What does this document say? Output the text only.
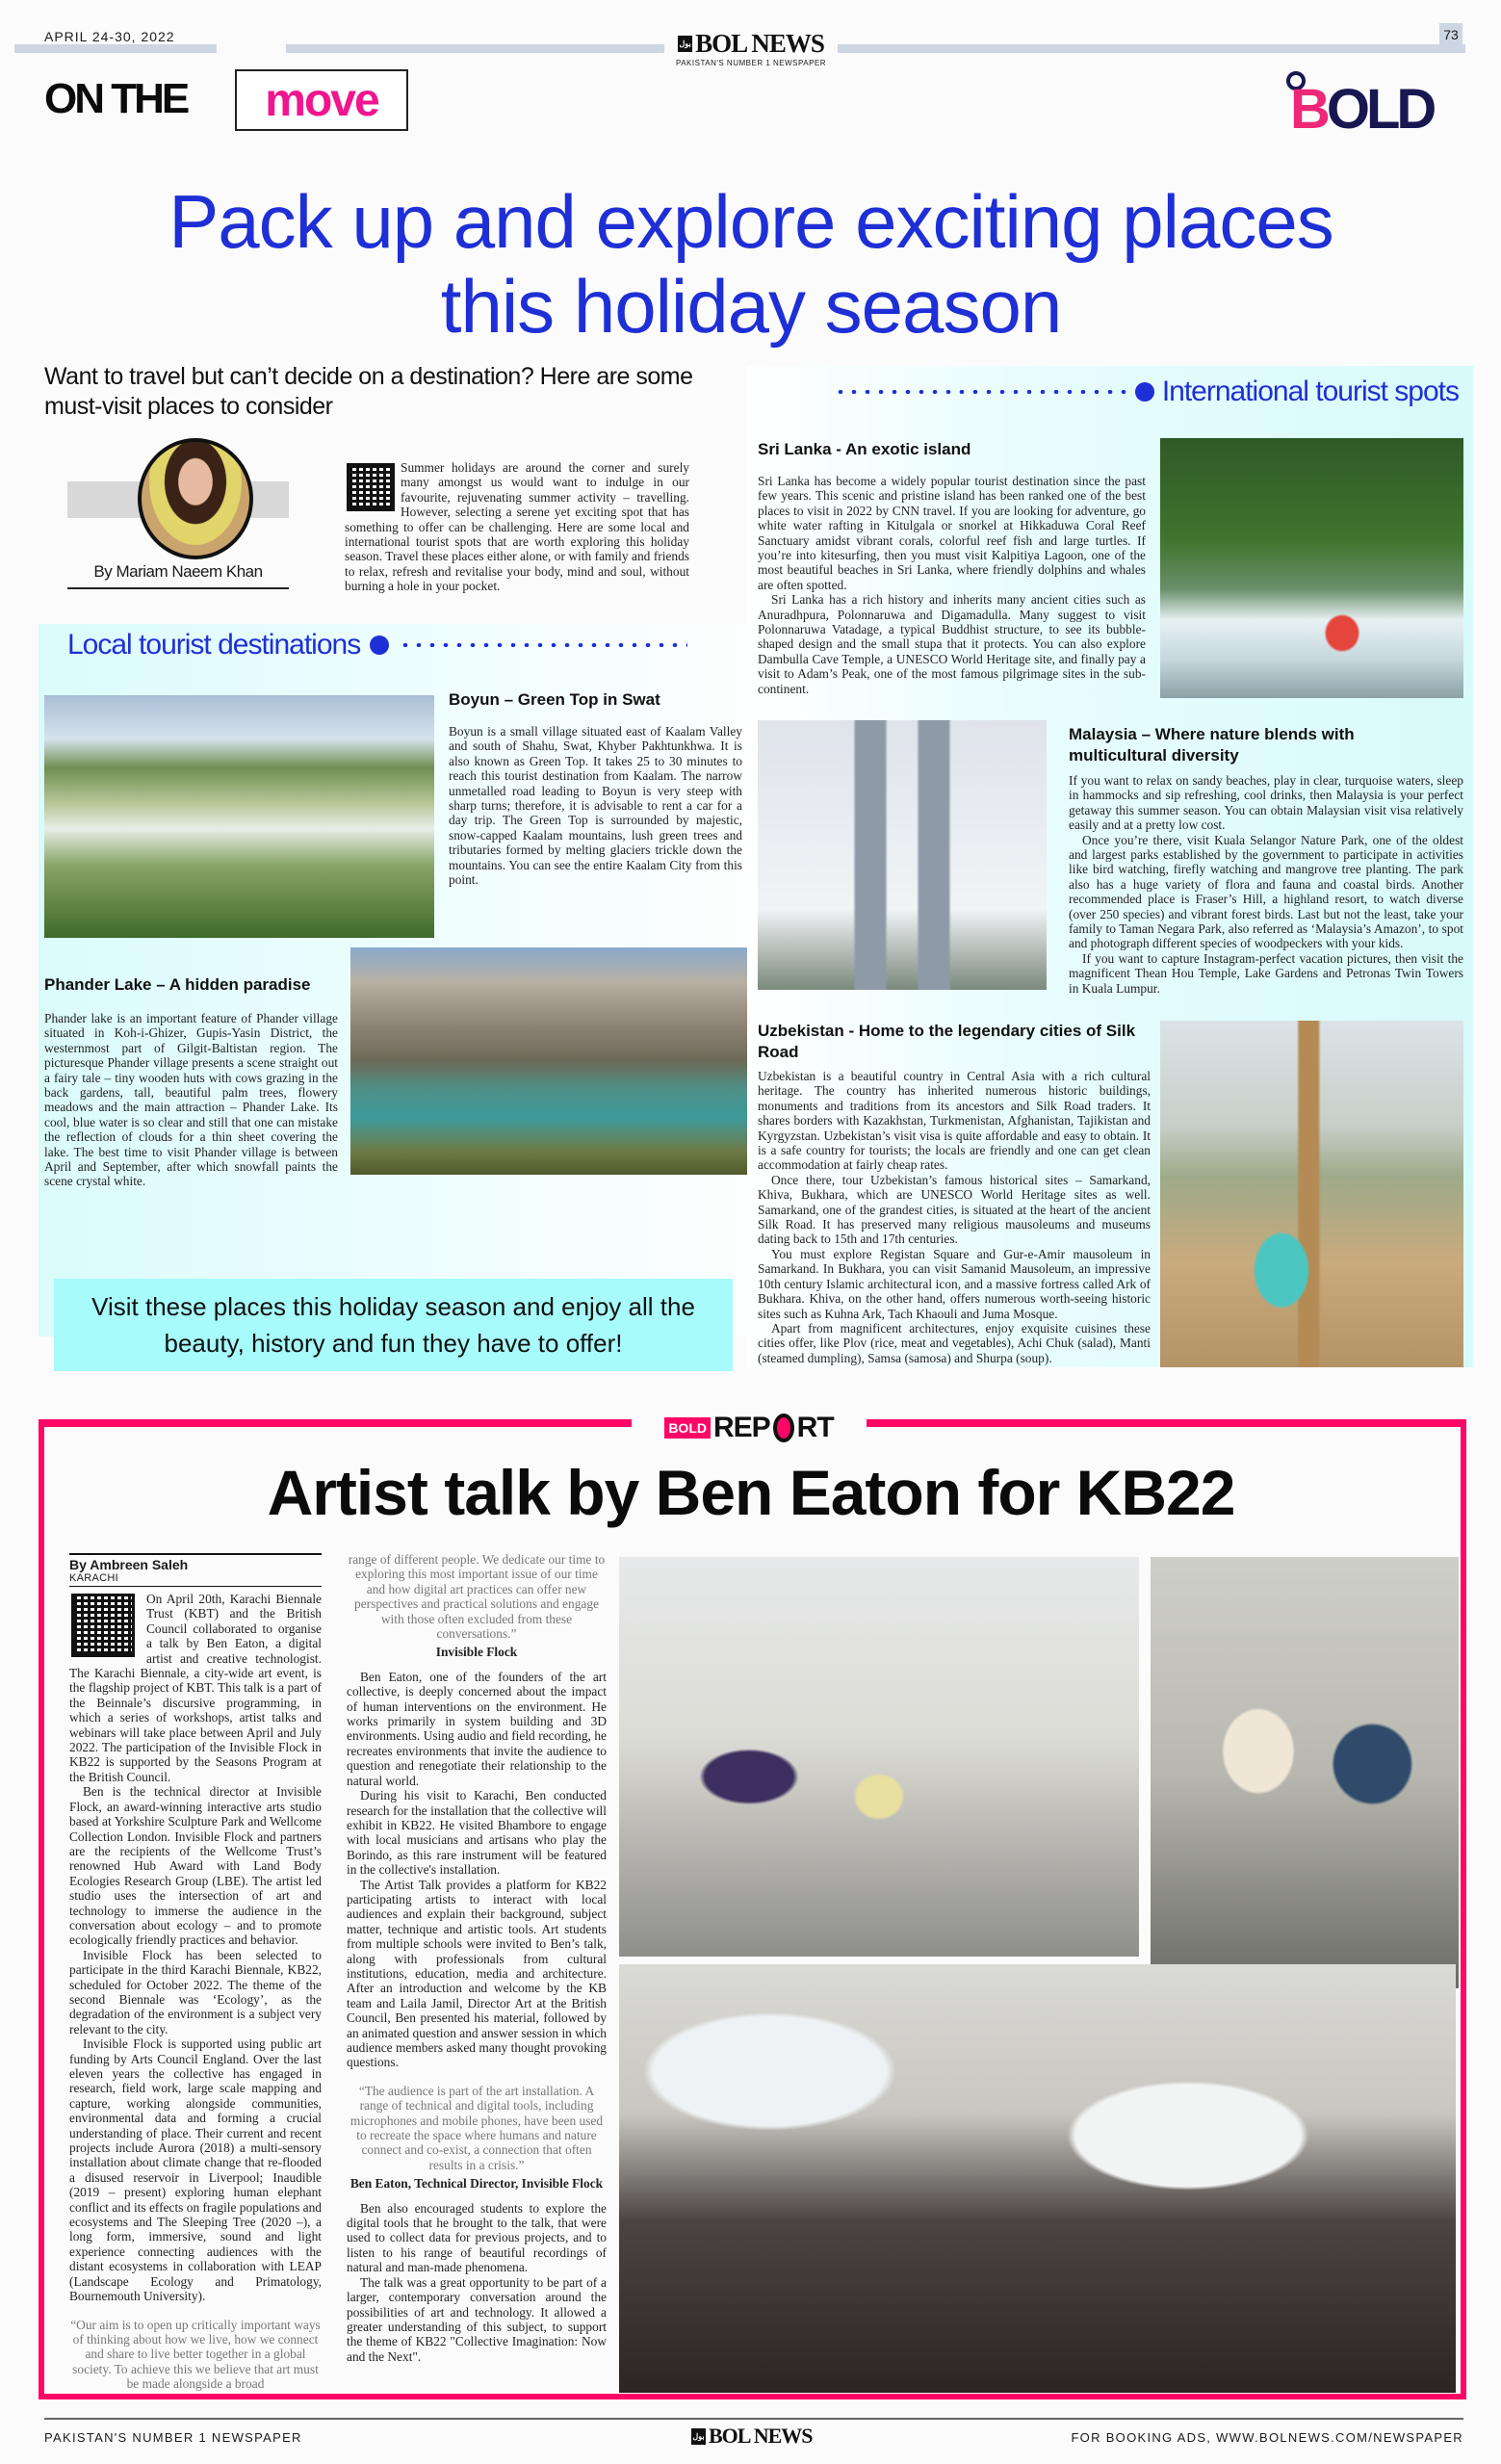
APRIL 24-30, 2022	73
بول BOL NEWS
PAKISTAN'S NUMBER 1 NEWSPAPER
ON THE move	BOLD
Pack up and explore exciting places
this holiday season
Want to travel but can’t decide on a destination? Here are some must-visit places to consider
By Mariam Naeem Khan
Summer holidays are around the corner and surely many amongst us would want to indulge in our favourite, rejuvenating summer activity – travelling. However, selecting a serene yet exciting spot that has something to offer can be challenging. Here are some local and international tourist spots that are worth exploring this holiday season. Travel these places either alone, or with family and friends to relax, refresh and revitalise your body, mind and soul, without burning a hole in your pocket.
Local tourist destinations
International tourist spots
Boyun – Green Top in Swat
Boyun is a small village situated east of Kaalam Valley and south of Shahu, Swat, Khyber Pakhtunkhwa. It is also known as Green Top. It takes 25 to 30 minutes to reach this tourist destination from Kaalam. The narrow unmetalled road leading to Boyun is very steep with sharp turns; therefore, it is advisable to rent a car for a day trip. The Green Top is surrounded by majestic, snow-capped Kaalam mountains, lush green trees and tributaries formed by melting glaciers trickle down the mountains. You can see the entire Kaalam City from this point.
Phander Lake – A hidden paradise
Phander lake is an important feature of Phander village situated in Koh-i-Ghizer, Gupis-Yasin District, the westernmost part of Gilgit-Baltistan region. The picturesque Phander village presents a scene straight out a fairy tale – tiny wooden huts with cows grazing in the back gardens, tall, beautiful palm trees, flowery meadows and the main attraction – Phander Lake. Its cool, blue water is so clear and still that one can mistake the reflection of clouds for a thin sheet covering the lake. The best time to visit Phander village is between April and September, after which snowfall paints the scene crystal white.
Visit these places this holiday season and enjoy all the beauty, history and fun they have to offer!
Sri Lanka - An exotic island

Sri Lanka has become a widely popular tourist destination since the past few years. This scenic and pristine island has been ranked one of the best places to visit in 2022 by CNN travel. If you are looking for adventure, go white water rafting in Kitulgala or snorkel at Hikkaduwa Coral Reef Sanctuary amidst vibrant corals, colorful reef fish and large turtles. If you’re into kitesurfing, then you must visit Kalpitiya Lagoon, one of the most beautiful beaches in Sri Lanka, where friendly dolphins and whales are often spotted.

Sri Lanka has a rich history and inherits many ancient cities such as Anuradhpura, Polonnaruwa and Digamadulla. Many suggest to visit Polonnaruwa Vatadage, a typical Buddhist structure, to see its bubble-shaped design and the small stupa that it protects. You can also explore Dambulla Cave Temple, a UNESCO World Heritage site, and finally pay a visit to Adam’s Peak, one of the most famous pilgrimage sites in the sub-continent.

Malaysia – Where nature blends with multicultural diversity

If you want to relax on sandy beaches, play in clear, turquoise waters, sleep in hammocks and sip refreshing, cool drinks, then Malaysia is your perfect getaway this summer season. You can obtain Malaysian visit visa relatively easily and at a pretty low cost.

Once you’re there, visit Kuala Selangor Nature Park, one of the oldest and largest parks established by the government to participate in activities like bird watching, firefly watching and mangrove tree planting. The park also has a huge variety of flora and fauna and coastal birds. Another recommended place is Fraser’s Hill, a highland resort, to watch diverse (over 250 species) and vibrant forest birds. Last but not the least, take your family to Taman Negara Park, also referred as ‘Malaysia’s Amazon’, to spot and photograph different species of woodpeckers with your kids.

If you want to capture Instagram-perfect vacation pictures, then visit the magnificent Thean Hou Temple, Lake Gardens and Petronas Twin Towers in Kuala Lumpur.

Uzbekistan - Home to the legendary cities of Silk Road

Uzbekistan is a beautiful country in Central Asia with a rich cultural heritage. The country has inherited numerous historic buildings, monuments and traditions from its ancestors and Silk Road traders. It shares borders with Kazakhstan, Turkmenistan, Afghanistan, Tajikistan and Kyrgyzstan. Uzbekistan’s visit visa is quite affordable and easy to obtain. It is a safe country for tourists; the locals are friendly and one can get clean accommodation at fairly cheap rates.

Once there, tour Uzbekistan’s famous historical sites – Samarkand, Khiva, Bukhara, which are UNESCO World Heritage sites as well. Samarkand, one of the grandest cities, is situated at the heart of the ancient Silk Road. It has preserved many religious mausoleums and museums dating back to 15th and 17th centuries.

You must explore Registan Square and Gur-e-Amir mausoleum in Samarkand. In Bukhara, you can visit Samanid Mausoleum, an impressive 10th century Islamic architectural icon, and a massive fortress called Ark of Bukhara. Khiva, on the other hand, offers numerous worth-seeing historic sites such as Kuhna Ark, Tach Khaouli and Juma Mosque.

Apart from magnificent architectures, enjoy exquisite cuisines these cities offer, like Plov (rice, meat and vegetables), Achi Chuk (salad), Manti (steamed dumpling), Samsa (samosa) and Shurpa (soup).

BOLD REP RT
Artist talk by Ben Eaton for KB22
By Ambreen Saleh
KARACHI

On April 20th, Karachi Biennale Trust (KBT) and the British Council collaborated to organise a talk by Ben Eaton, a digital artist and creative technologist. The Karachi Biennale, a city-wide art event, is the flagship project of KBT. This talk is a part of the Beinnale’s discursive programming, in which a series of workshops, artist talks and webinars will take place between April and July 2022. The participation of the Invisible Flock in KB22 is supported by the Seasons Program at the British Council.

Ben is the technical director at Invisible Flock, an award-winning interactive arts studio based at Yorkshire Sculpture Park and Wellcome Collection London. Invisible Flock and partners are the recipients of the Wellcome Trust’s renowned Hub Award with Land Body Ecologies Research Group (LBE). The artist led studio uses the intersection of art and technology to immerse the audience in the conversation about ecology – and to promote ecologically friendly practices and behavior.

Invisible Flock has been selected to participate in the third Karachi Biennale, KB22, scheduled for October 2022. The theme of the second Biennale was ‘Ecology’, as the degradation of the environment is a subject very relevant to the city.

Invisible Flock is supported using public art funding by Arts Council England. Over the last eleven years the collective has engaged in research, field work, large scale mapping and capture, working alongside communities, environmental data and forming a crucial understanding of place. Their current and recent projects include Aurora (2018) a multi-sensory installation about climate change that re-flooded a disused reservoir in Liverpool; Inaudible (2019 – present) exploring human elephant conflict and its effects on fragile populations and ecosystems and The Sleeping Tree (2020 –), a long form, immersive, sound and light experience connecting audiences with the distant ecosystems in collaboration with LEAP (Landscape Ecology and Primatology, Bournemouth University).

“Our aim is to open up critically important ways of thinking about how we live, how we connect and share to live better together in a global society. To achieve this we believe that art must be made alongside a broad

range of different people. We dedicate our time to exploring this most important issue of our time and how digital art practices can offer new perspectives and practical solutions and engage with those often excluded from these conversations.”

Invisible Flock

Ben Eaton, one of the founders of the art collective, is deeply concerned about the impact of human interventions on the environment. He works primarily in system building and 3D environments. Using audio and field recording, he recreates environments that invite the audience to question and renegotiate their relationship to the natural world.

During his visit to Karachi, Ben conducted research for the installation that the collective will exhibit in KB22. He visited Bhambore to engage with local musicians and artisans who play the Borindo, as this rare instrument will be featured in the collective's installation.

The Artist Talk provides a platform for KB22 participating artists to interact with local audiences and explain their background, subject matter, technique and artistic tools. Art students from multiple schools were invited to Ben’s talk, along with professionals from cultural institutions, education, media and architecture. After an introduction and welcome by the KB team and Laila Jamil, Director Art at the British Council, Ben presented his material, followed by an animated question and answer session in which audience members asked many thought provoking questions.

“The audience is part of the art installation. A range of technical and digital tools, including microphones and mobile phones, have been used to recreate the space where humans and nature connect and co-exist, a connection that often results in a crisis.”

Ben Eaton, Technical Director, Invisible Flock

Ben also encouraged students to explore the digital tools that he brought to the talk, that were used to collect data for previous projects, and to listen to his range of beautiful recordings of natural and man-made phenomena.

The talk was a great opportunity to be part of a larger, contemporary conversation around the possibilities of art and technology. It allowed a greater understanding of this subject, to support the theme of KB22 "Collective Imagination: Now and the Next".

PAKISTAN'S NUMBER 1 NEWSPAPER	بول BOL NEWS	FOR BOOKING ADS, WWW.BOLNEWS.COM/NEWSPAPER
